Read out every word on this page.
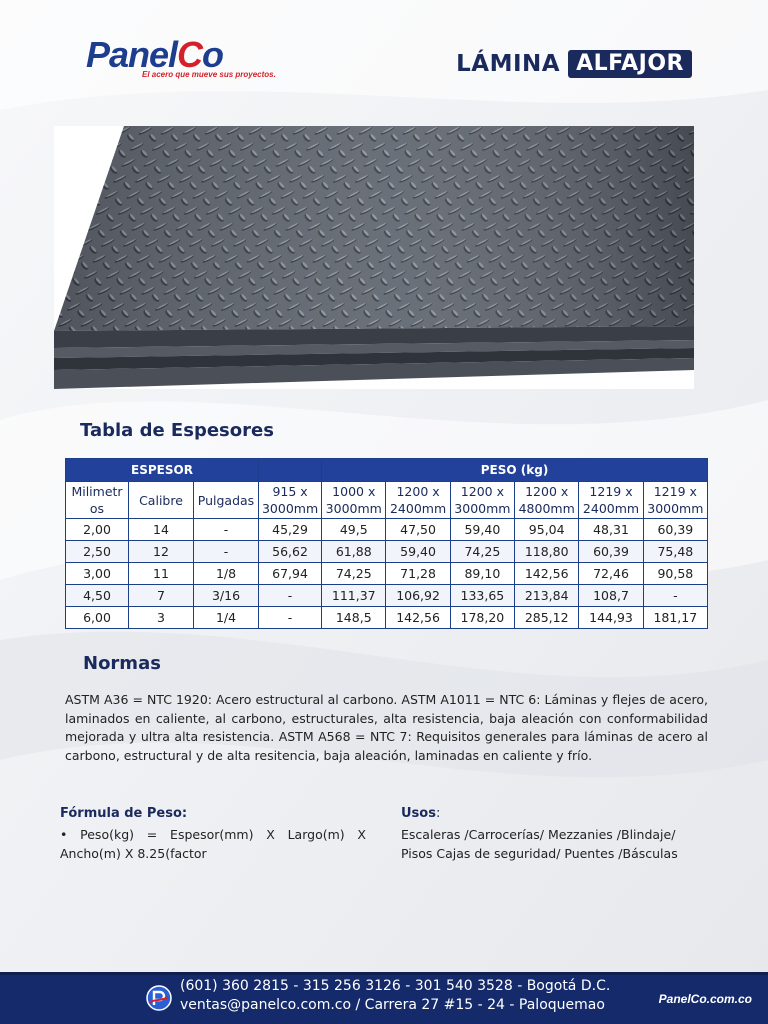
PanelCo
El acero que mueve sus proyectos.	LÁMINA ALFAJOR
Tabla de Espesores
ESPESOR				PESO (kg)					
Milimetr os	Calibre	Pulgadas	915 x 3000mm	1000 x 3000mm	1200 x 2400mm	1200 x 3000mm	1200 x 4800mm	1219 x 2400mm	1219 x 3000mm
2,00	14	-	45,29	49,5	47,50	59,40	95,04	48,31	60,39
2,50	12	-	56,62	61,88	59,40	74,25	118,80	60,39	75,48
3,00	11	1/8	67,94	74,25	71,28	89,10	142,56	72,46	90,58
4,50	7	3/16	-	111,37	106,92	133,65	213,84	108,7	-
6,00	3	1/4	-	148,5	142,56	178,20	285,12	144,93	181,17
Normas
ASTM A36 = NTC 1920: Acero estructural al carbono. ASTM A1011 = NTC 6: Láminas y flejes de acero, laminados en caliente, al carbono, estructurales, alta resistencia, baja aleación con conformabilidad mejorada y ultra alta resistencia. ASTM A568 = NTC 7: Requisitos generales para láminas de acero al carbono, estructural y de alta resitencia, baja aleación, laminadas en caliente y frío.
Fórmula de Peso:
• Peso(kg) = Espesor(mm) X Largo(m) X Ancho(m) X 8.25(factor
Usos:
Escaleras /Carrocerías/ Mezzanies /Blindaje/ Pisos Cajas de seguridad/ Puentes /Básculas
(601) 360 2815 - 315 256 3126 - 301 540 3528 - Bogotá D.C.
ventas@panelco.com.co / Carrera 27 #15 - 24 - Paloquemao	PanelCo.com.co
